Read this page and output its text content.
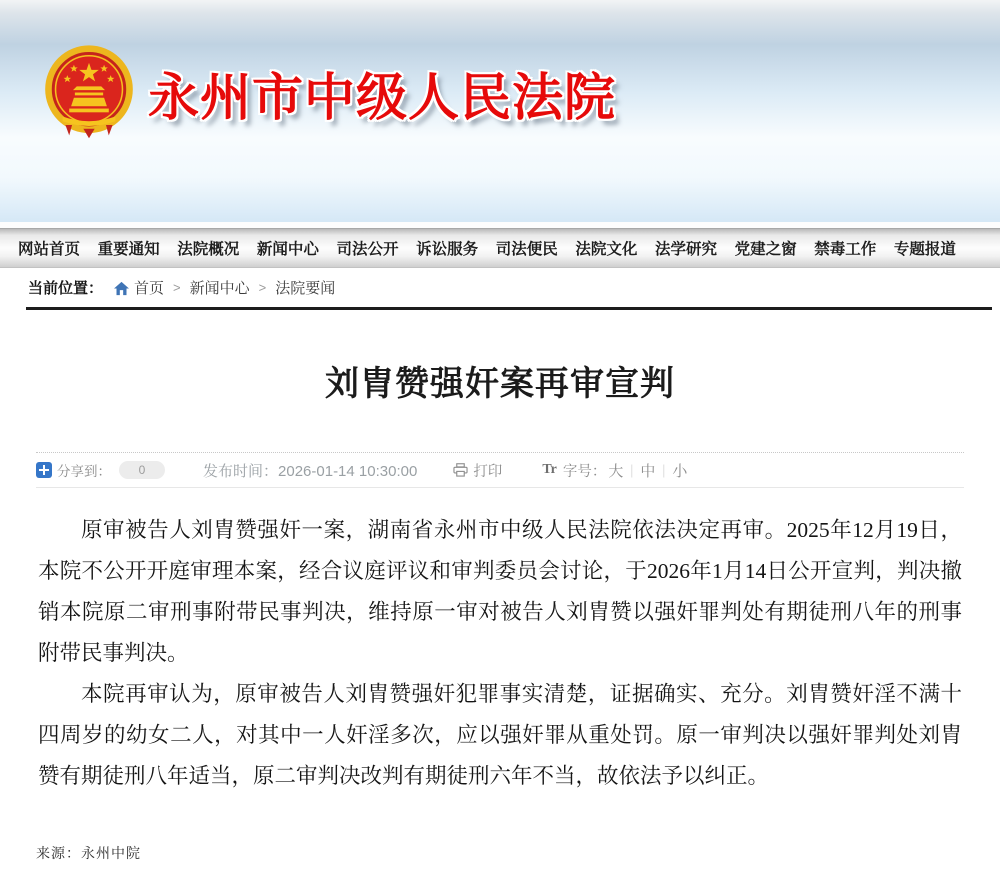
永州市中级人民法院
网站首页 重要通知 法院概况 新闻中心 司法公开 诉讼服务 司法便民 法院文化 法学研究 党建之窗 禁毒工作 专题报道
当前位置： 首页 > 新闻中心 > 法院要闻
刘胄赞强奸案再审宣判
分享到：	0	发布时间：2026-01-14 10:30:00	打印	Tr 字号： 大 ｜ 中 ｜ 小

原审被告人刘胄赞强奸一案，湖南省永州市中级人民法院依法决定再审。2025年12月19日，本院不公开开庭审理本案，经合议庭评议和审判委员会讨论，于2026年1月14日公开宣判，判决撤销本院原二审刑事附带民事判决，维持原一审对被告人刘胄赞以强奸罪判处有期徒刑八年的刑事附带民事判决。

本院再审认为，原审被告人刘胄赞强奸犯罪事实清楚，证据确实、充分。刘胄赞奸淫不满十四周岁的幼女二人，对其中一人奸淫多次，应以强奸罪从重处罚。原一审判决以强奸罪判处刘胄赞有期徒刑八年适当，原二审判决改判有期徒刑六年不当，故依法予以纠正。

来源：永州中院
